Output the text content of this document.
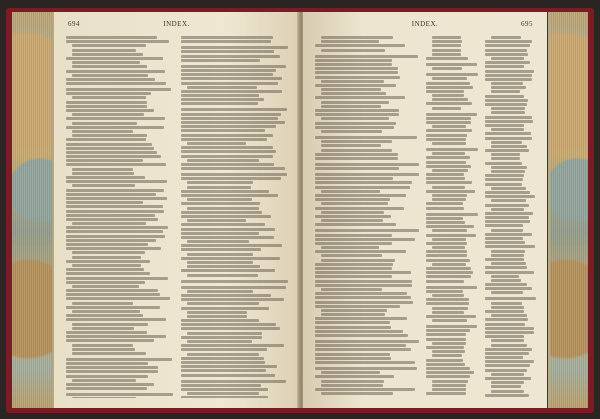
694	INDEX.	INDEX.	695
